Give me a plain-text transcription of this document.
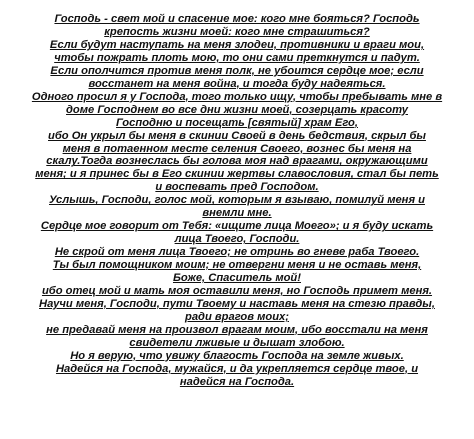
Господь - свет мой и спасение мое: кого мне бояться? Господь
крепость жизни моей: кого мне страшиться?
Если будут наступать на меня злодеи, противники и враги мои,
чтобы пожрать плоть мою, то они сами преткнутся и падут.
Если ополчится против меня полк, не убоится сердце мое; если
восстанет на меня война, и тогда буду надеяться.
Одного просил я у Господа, того только ищу, чтобы пребывать мне в
доме Господнем во все дни жизни моей, созерцать красоту
Господню и посещать [святый] храм Его,
ибо Он укрыл бы меня в скинии Своей в день бедствия, скрыл бы
меня в потаенном месте селения Своего, вознес бы меня на
скалу.Тогда вознеслась бы голова моя над врагами, окружающими
меня; и я принес бы в Его скинии жертвы славословия, стал бы петь
и воспевать пред Господом.
Услышь, Господи, голос мой, которым я взываю, помилуй меня и
внемли мне.
Сердце мое говорит от Тебя: «ищите лица Моего»; и я буду искать
лица Твоего, Господи.
Не скрой от меня лица Твоего; не отринь во гневе раба Твоего.
Ты был помощником моим; не отвергни меня и не оставь меня,
Боже, Спаситель мой!
ибо отец мой и мать моя оставили меня, но Господь примет меня.
Научи меня, Господи, пути Твоему и наставь меня на стезю правды,
ради врагов моих;
не предавай меня на произвол врагам моим, ибо восстали на меня
свидетели лживые и дышат злобою.
Но я верую, что увижу благость Господа на земле живых.
Надейся на Господа, мужайся, и да укрепляется сердце твое, и
надейся на Господа.
